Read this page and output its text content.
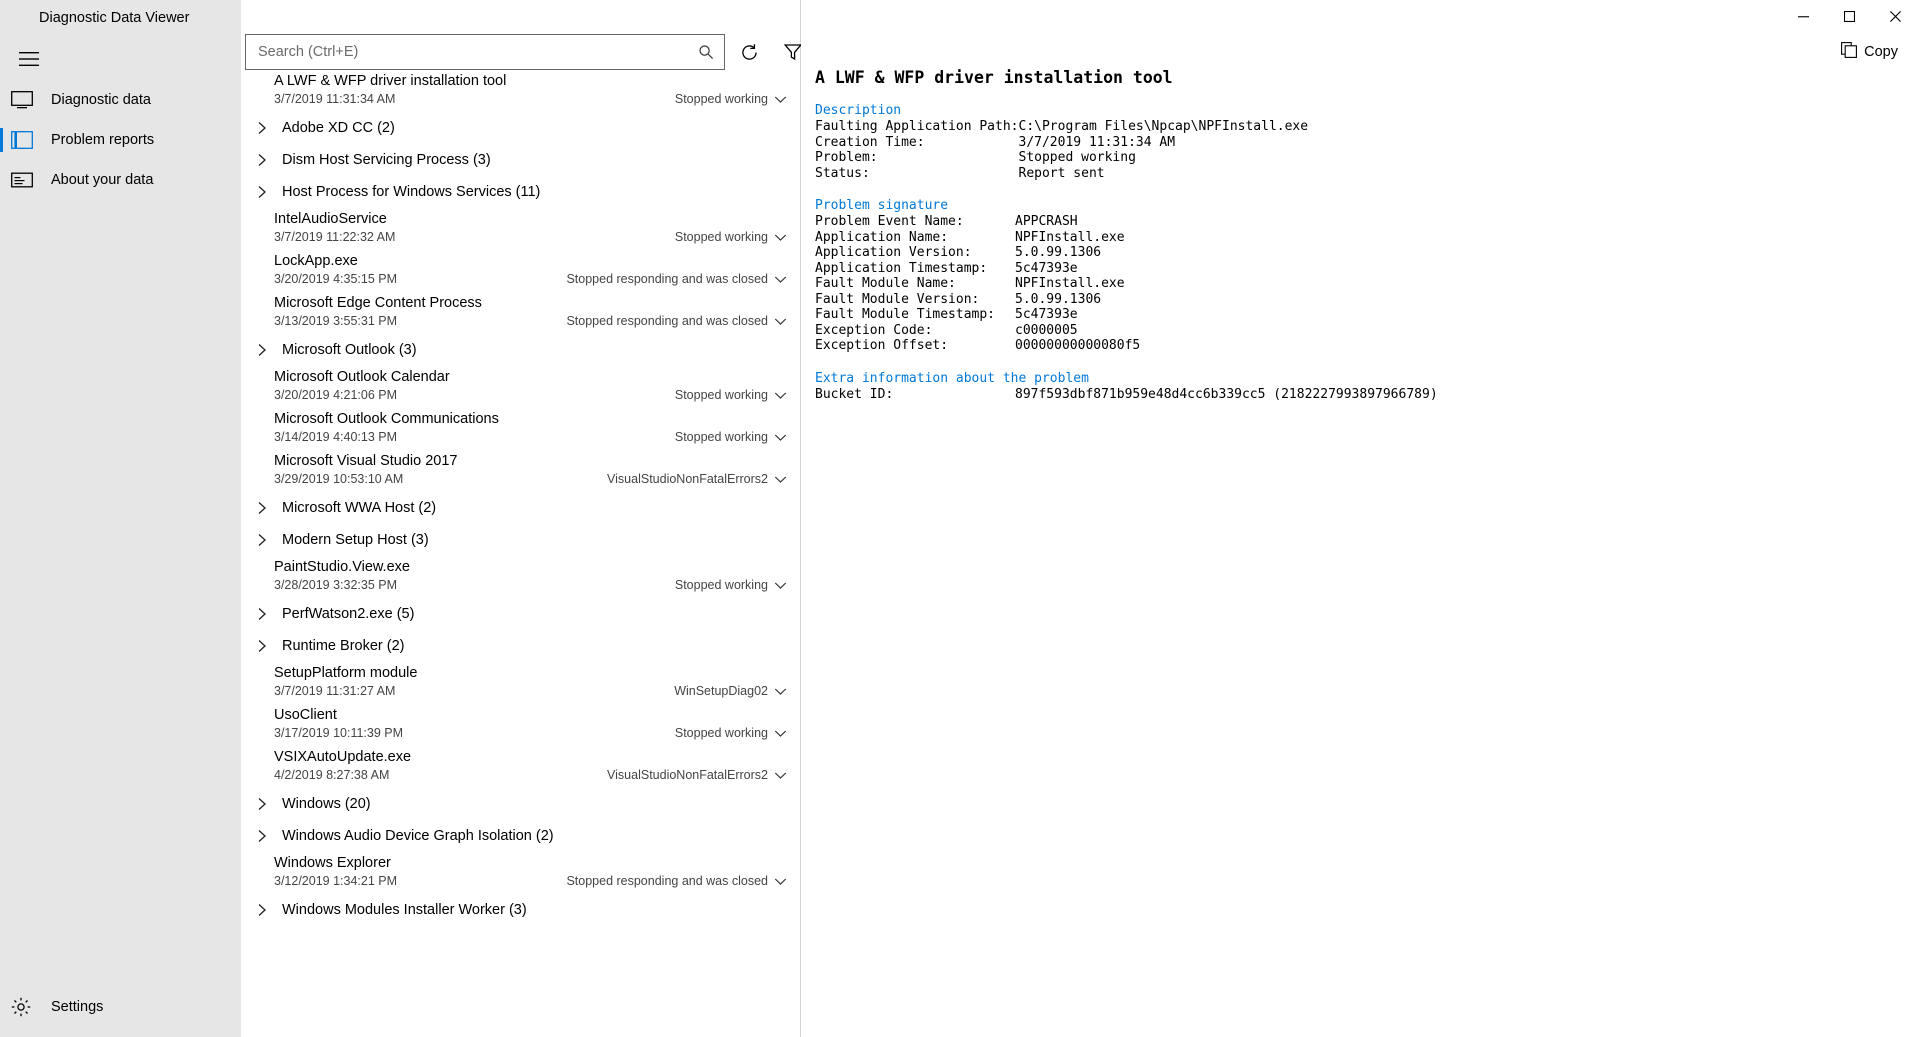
Diagnostic Data Viewer
Diagnostic data
Problem reports
About your data
Settings
Search (Ctrl+E)
A LWF & WFP driver installation tool
3/7/2019 11:31:34 AM	Stopped working
Adobe XD CC (2)
Dism Host Servicing Process (3)
Host Process for Windows Services (11)
IntelAudioService
3/7/2019 11:22:32 AM	Stopped working
LockApp.exe
3/20/2019 4:35:15 PM	Stopped responding and was closed
Microsoft Edge Content Process
3/13/2019 3:55:31 PM	Stopped responding and was closed
Microsoft Outlook (3)
Microsoft Outlook Calendar
3/20/2019 4:21:06 PM	Stopped working
Microsoft Outlook Communications
3/14/2019 4:40:13 PM	Stopped working
Microsoft Visual Studio 2017
3/29/2019 10:53:10 AM	VisualStudioNonFatalErrors2
Microsoft WWA Host (2)
Modern Setup Host (3)
PaintStudio.View.exe
3/28/2019 3:32:35 PM	Stopped working
PerfWatson2.exe (5)
Runtime Broker (2)
SetupPlatform module
3/7/2019 11:31:27 AM	WinSetupDiag02
UsoClient
3/17/2019 10:11:39 PM	Stopped working
VSIXAutoUpdate.exe
4/2/2019 8:27:38 AM	VisualStudioNonFatalErrors2
Windows (20)
Windows Audio Device Graph Isolation (2)
Windows Explorer
3/12/2019 1:34:21 PM	Stopped responding and was closed
Windows Modules Installer Worker (3)
Copy
A LWF & WFP driver installation tool
Description
Faulting Application Path:	C:\Program Files\Npcap\NPFInstall.exe
Creation Time:	3/7/2019 11:31:34 AM
Problem:	Stopped working
Status:	Report sent
Problem signature
Problem Event Name:	APPCRASH
Application Name:	NPFInstall.exe
Application Version:	5.0.99.1306
Application Timestamp:	5c47393e
Fault Module Name:	NPFInstall.exe
Fault Module Version:	5.0.99.1306
Fault Module Timestamp:	5c47393e
Exception Code:	c0000005
Exception Offset:	00000000000080f5
Extra information about the problem
Bucket ID:	897f593dbf871b959e48d4cc6b339cc5 (2182227993897966789)
